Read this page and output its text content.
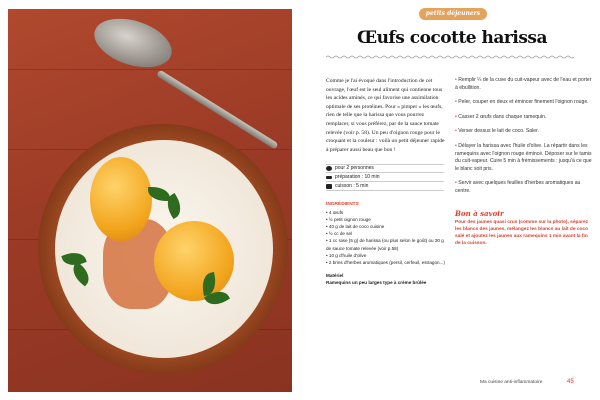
petits déjeuners
Œufs cocotte harissa
Comme je l'ai évoqué dans l'introduction de cet ouvrage, l'œuf est le seul aliment qui contienne tous les acides aminés, ce qui favorise une assimilation optimale de ses protéines. Pour « pimper » les œufs, rien de telle que la harissa que vous pourrez remplacer, si vous préférez, par de la sauce tomate relevée (voir p. 58). Un peu d'oignon rouge pour le croquant et la couleur : voilà un petit déjeuner rapide à préparer aussi beau que bon !
pour 2 personnes
préparation : 10 min
cuisson : 5 min
INGRÉDIENTS
• 4 œufs
• ½ petit oignon rouge
• 40 g de lait de coco cuisine
• ½ cc de sel
• 1 cc rase (5 g) de harissa (ou plus selon le goût) ou 30 g de sauce tomate relevée (voir p.58)
• 10 g d'huile d'olive
• 2 brins d'herbes aromatiques (persil, cerfeuil, estragon...)
Matériel
Ramequins un peu larges type à crème brûlée
• Remplir ¼ de la cuve du cuit-vapeur avec de l'eau et porter à ébullition.
• Peler, couper en deux et émincer finement l'oignon rouge.
• Casser 2 œufs dans chaque ramequin.
• Verser dessus le lait de coco. Saler.
• Délayer la harissa avec l'huile d'olive. La répartir dans les ramequins avec l'oignon rouge émincé. Déposer sur le tamis du cuit-vapeur. Cuire 5 min à frémissements : jusqu'à ce que le blanc soit pris.
• Servir avec quelques feuilles d'herbes aromatiques au centre.
Bon à savoir
Pour des jaunes quasi crus (comme sur la photo), séparez les blancs des jaunes, mélangez les blancs au lait de coco salé et ajoutez les jaunes aux ramequins 1 min avant la fin de la cuisson.
Ma cuisine anti-inflammatoire	45
